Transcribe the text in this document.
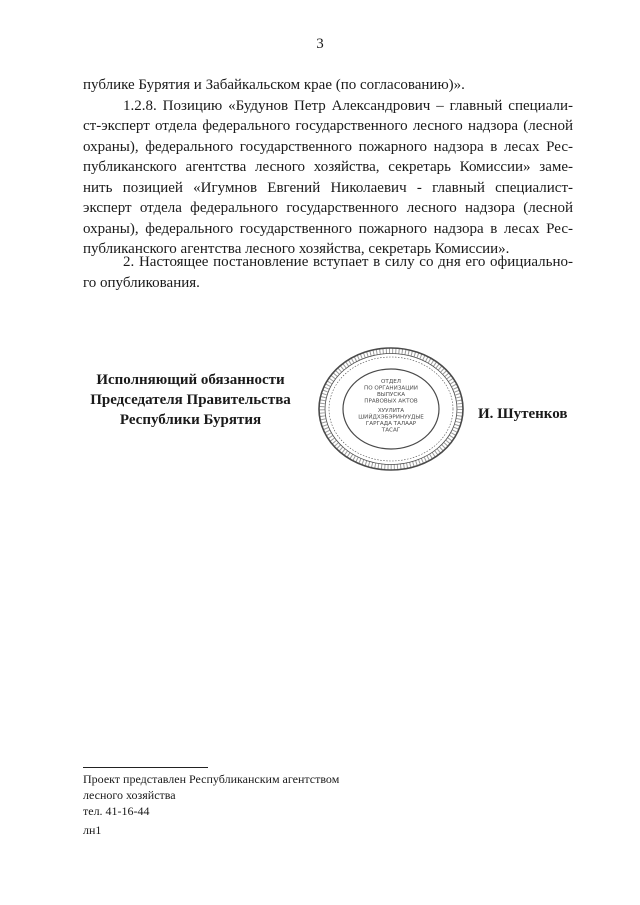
3
публике Бурятия и Забайкальском крае (по согласованию)».
1.2.8. Позицию «Будунов Петр Александрович – главный специали-
ст-эксперт отдела федерального государственного лесного надзора (лесной
охраны), федерального государственного пожарного надзора в лесах Рес-
публиканского агентства лесного хозяйства, секретарь Комиссии» заме-
нить позицией «Игумнов Евгений Николаевич - главный специалист-
эксперт отдела федерального государственного лесного надзора (лесной
охраны), федерального государственного пожарного надзора в лесах Рес-
публиканского агентства лесного хозяйства, секретарь Комиссии».
2. Настоящее постановление вступает в силу со дня его официально-
го опубликования.
Исполняющий обязанности
Председателя Правительства
Республики Бурятия
ОТДЕЛ
ПО ОРГАНИЗАЦИИ
ВЫПУСКА
ПРАВОВЫХ АКТОВ
ХУУЛИТА
ШИЙДХЭБЭРИНУУДЫЕ
ГАРГАДА ТАЛААР
ТАСАГ
И. Шутенков
Проект представлен Республиканским агентством
лесного хозяйства
тел. 41-16-44
лн1
